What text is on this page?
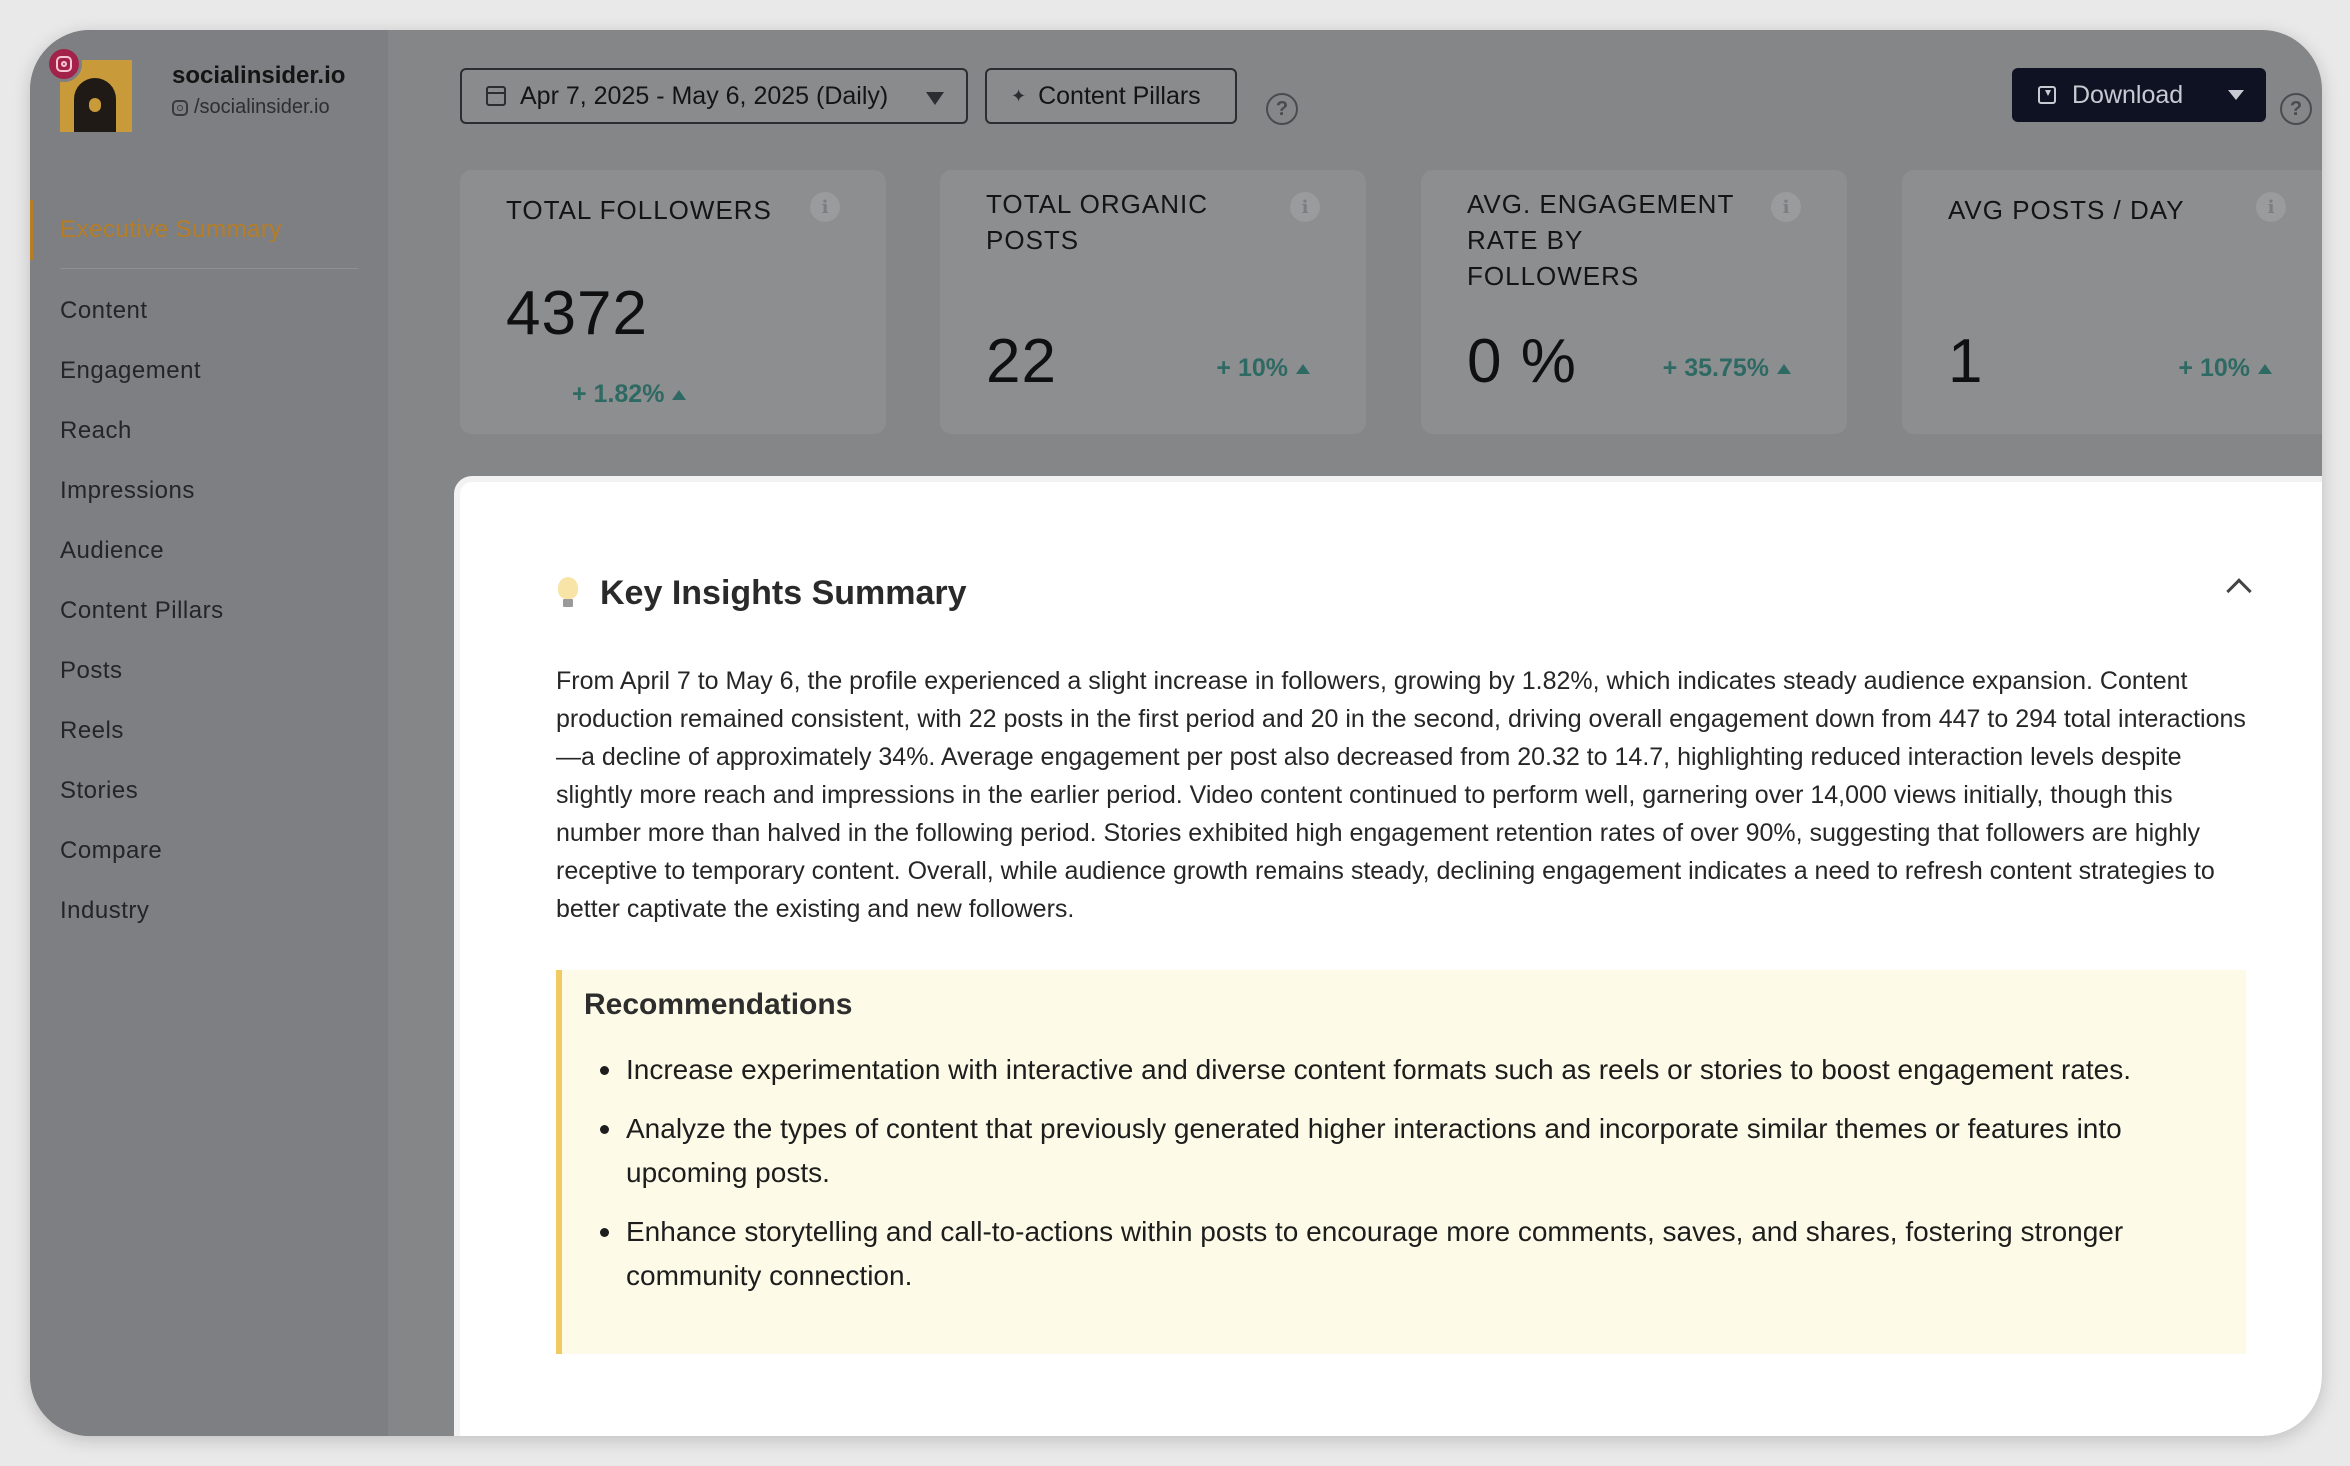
socialinsider.io
/socialinsider.io
Executive Summary
Content
Engagement
Reach
Impressions
Audience
Content Pillars
Posts
Reels
Stories
Compare
Industry
Apr 7, 2025 - May 6, 2025 (Daily)	✦ Content Pillars	?	Download	?
TOTAL FOLLOWERS	i
4372
+ 1.82%
TOTAL ORGANIC POSTS
i
22	+ 10%
AVG. ENGAGEMENT RATE BY FOLLOWERS
i
0 %	+ 35.75%
AVG POSTS / DAY	i
1	+ 10%
Key Insights Summary

From April 7 to May 6, the profile experienced a slight increase in followers, growing by 1.82%, which indicates steady audience expansion. Content production remained consistent, with 22 posts in the first period and 20 in the second, driving overall engagement down from 447 to 294 total interactions—a decline of approximately 34%. Average engagement per post also decreased from 20.32 to 14.7, highlighting reduced interaction levels despite slightly more reach and impressions in the earlier period. Video content continued to perform well, garnering over 14,000 views initially, though this number more than halved in the following period. Stories exhibited high engagement retention rates of over 90%, suggesting that followers are highly receptive to temporary content. Overall, while audience growth remains steady, declining engagement indicates a need to refresh content strategies to better captivate the existing and new followers.

Recommendations
Increase experimentation with interactive and diverse content formats such as reels or stories to boost engagement rates.
Analyze the types of content that previously generated higher interactions and incorporate similar themes or features into upcoming posts.
Enhance storytelling and call-to-actions within posts to encourage more comments, saves, and shares, fostering stronger community connection.
